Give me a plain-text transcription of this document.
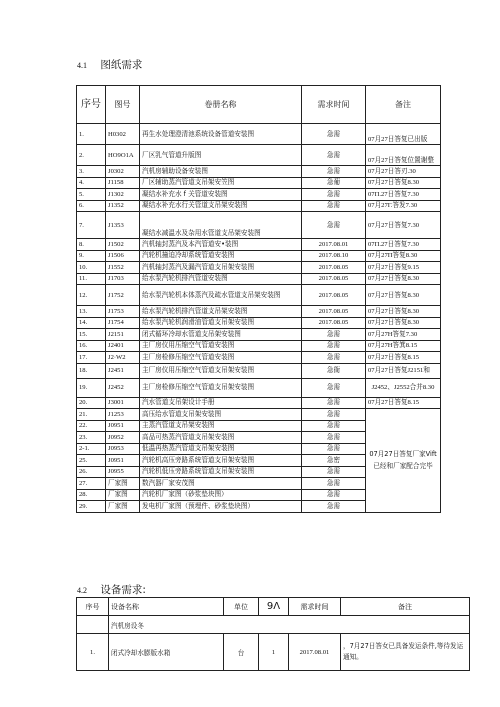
4.1 图纸需求
序号	图号	卷册名称	需求时间	备注
1.	H0302	再生水处理澄清池系统设备管道安装图	急需	07月27日答复已出版
2.	HO9O1A	厂区乳气管道升版图	急需	07月27日答复位置谢整
3.	J0302	汽机房辅助设备安装图	急需	07月27日答刃.30
4.	J1158	厂区辅助蒸汽管道支吊架安笠图	急葡	07月27日答复8.30
5.	J1302	凝结水补充水 f 关管道安装图	急需	07Π.27日答复7.30
6.	J1352	凝结水补充水行关管道支吊架安装图	急需	07月27Γ.答发7.30
7.	J1353	凝结水减温水及杂用水管道支吊架安装图	急需	07月27日答复7.30
8.	J1502	汽机轴封蒸汽及本汽管道安•装图	2017.08.01	07Π.27日答复7.30
9.	J1506	汽轮机撞迫冷却系统管道安装图	2017.08.10	07月27Π答复8.30
10.	J1552	汽机轴封蒸汽及漏汽管道支吊架安装图	2017.08.05	07月27日答复9.15
11.	J1703	给水泵汽轮机排汽管道安装图	2017.08.05	07月27日答复8.30
12.	J1752	给水泵汽轮机本体蒸汽及疏水管道支吊架安装图	2017.08.05	07月27日答复8.30
13.	J1753	给水泵汽轮机排汽管道支吊架安装图	2017.08.05	07月27日答复8.30
14.	J1754	给水泵汽轮机润滑油管道支吊架安装图	2017.08.05	07月27日答复8.30
15.	J2151	闭式循环冷却水管道支吊架安装图	急需	07月27H答复7.30
16.	J2401	主厂房仪用压缩空气管道安装图	急需	07月27H答箕8.15
17.	J2·W2	主厂房检修压缩空气管道安装图	急需	07月27日答复8.15
18.	J2451	主厂房仪用压缩空气管道支吊架安装图	急衙	07月27日答复J2151和
19.	J2452	主厂房检修压缩空气管道支吊架安装图	急需	J2452、J2552合并8.30
20.	J3001	汽水管道支吊架设计手册	急需	07月27日答复8.15
21.	J1253	高压给水管道支吊架安装图	急需	07月27日答复厂家Vift已经和厂家配合完毕
22.	J0951	主蒸汽管道支吊架安装图	急需	
23.	J0952	高品可热蒸汽管道支吊架安装图	急需	
2-1.	J0953	低温再热蒸汽管道支吊架安装图	急需	
25.	J0951	汽轮机高压旁路系统管道支吊架安装图	急密	
26.	J0955	汽轮机低压旁路系统管道支吊架安装图	急需	
27.	厂家图	数汽器厂家安茂图	急需	
28.	厂家图	汽轮机厂家图（砂浆垫块图）	急需	
29.	厂家图	发电机厂家图（预埋件、砂浆垫块图）	急需	
4.2 设备需求:
序号	设备名称	单位	9Λ	需求时间	备注
	汽机房设冬				
1.	闭式冷却水膨版水箱	台	1	2017.08.01	，7月27日答女已具备发运条件,等待发运通知。
